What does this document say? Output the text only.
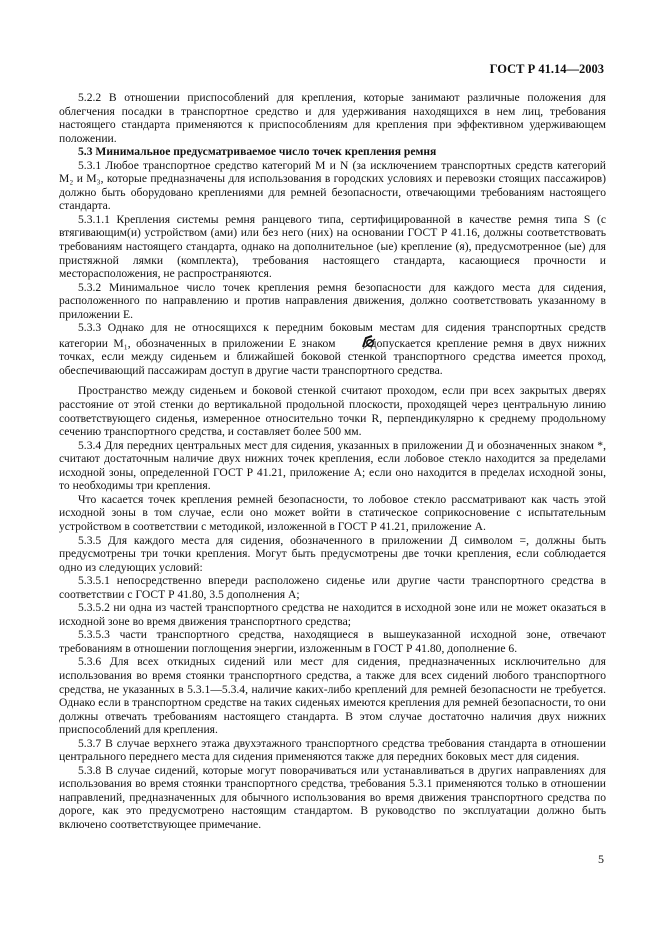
ГОСТ Р 41.14—2003

5.2.2 В отношении приспособлений для крепления, которые занимают различные положения для облегчения посадки в транспортное средство и для удерживания находящихся в нем лиц, требования настоящего стандарта применяются к приспособлениям для крепления при эффективном удерживающем положении.

5.3 Минимальное предусматриваемое число точек крепления ремня

5.3.1 Любое транспортное средство категорий М и N (за исключением транспортных средств категорий М₂ и М₃, которые предназначены для использования в городских условиях и перевозки стоящих пассажиров) должно быть оборудовано креплениями для ремней безопасности, отвечающими требованиям настоящего стандарта.

5.3.1.1 Крепления системы ремня ранцевого типа, сертифицированной в качестве ремня типа S (с втягивающим(и) устройством (ами) или без него (них) на основании ГОСТ Р 41.16, должны соответствовать требованиям настоящего стандарта, однако на дополнительное (ые) крепление (я), предусмотренное (ые) для пристяжной лямки (комплекта), требования настоящего стандарта, касающиеся прочности и месторасположения, не распространяются.

5.3.2 Минимальное число точек крепления ремня безопасности для каждого места для сидения, расположенного по направлению и против направления движения, должно соответствовать указанному в приложении Е.

5.3.3 Однако для не относящихся к передним боковым местам для сидения транспортных средств категории М₁, обозначенных в приложении Е знаком  , допускается крепление ремня в двух нижних точках, если между сиденьем и ближайшей боковой стенкой транспортного средства имеется проход, обеспечивающий пассажирам доступ в другие части транспортного средства.

Пространство между сиденьем и боковой стенкой считают проходом, если при всех закрытых дверях расстояние от этой стенки до вертикальной продольной плоскости, проходящей через центральную линию соответствующего сиденья, измеренное относительно точки R, перпендикулярно к среднему продольному сечению транспортного средства, и составляет более 500 мм.

5.3.4 Для передних центральных мест для сидения, указанных в приложении Д и обозначенных знаком *, считают достаточным наличие двух нижних точек крепления, если лобовое стекло находится за пределами исходной зоны, определенной ГОСТ Р 41.21, приложение А; если оно находится в пределах исходной зоны, то необходимы три крепления.

Что касается точек крепления ремней безопасности, то лобовое стекло рассматривают как часть этой исходной зоны в том случае, если оно может войти в статическое соприкосновение с испытательным устройством в соответствии с методикой, изложенной в ГОСТ Р 41.21, приложение А.

5.3.5 Для каждого места для сидения, обозначенного в приложении Д символом =, должны быть предусмотрены три точки крепления. Могут быть предусмотрены две точки крепления, если соблюдается одно из следующих условий:

5.3.5.1 непосредственно впереди расположено сиденье или другие части транспортного средства в соответствии с ГОСТ Р 41.80, 3.5 дополнения А;

5.3.5.2 ни одна из частей транспортного средства не находится в исходной зоне или не может оказаться в исходной зоне во время движения транспортного средства;

5.3.5.3 части транспортного средства, находящиеся в вышеуказанной исходной зоне, отвечают требованиям в отношении поглощения энергии, изложенным в ГОСТ Р 41.80, дополнение 6.

5.3.6 Для всех откидных сидений или мест для сидения, предназначенных исключительно для использования во время стоянки транспортного средства, а также для всех сидений любого транспортного средства, не указанных в 5.3.1—5.3.4, наличие каких-либо креплений для ремней безопасности не требуется. Однако если в транспортном средстве на таких сиденьях имеются крепления для ремней безопасности, то они должны отвечать требованиям настоящего стандарта. В этом случае достаточно наличия двух нижних приспособлений для крепления.

5.3.7 В случае верхнего этажа двухэтажного транспортного средства требования стандарта в отношении центрального переднего места для сидения применяются также для передних боковых мест для сидения.

5.3.8 В случае сидений, которые могут поворачиваться или устанавливаться в других направлениях для использования во время стоянки транспортного средства, требования 5.3.1 применяются только в отношении направлений, предназначенных для обычного использования во время движения транспортного средства по дороге, как это предусмотрено настоящим стандартом. В руководство по эксплуатации должно быть включено соответствующее примечание.

5
